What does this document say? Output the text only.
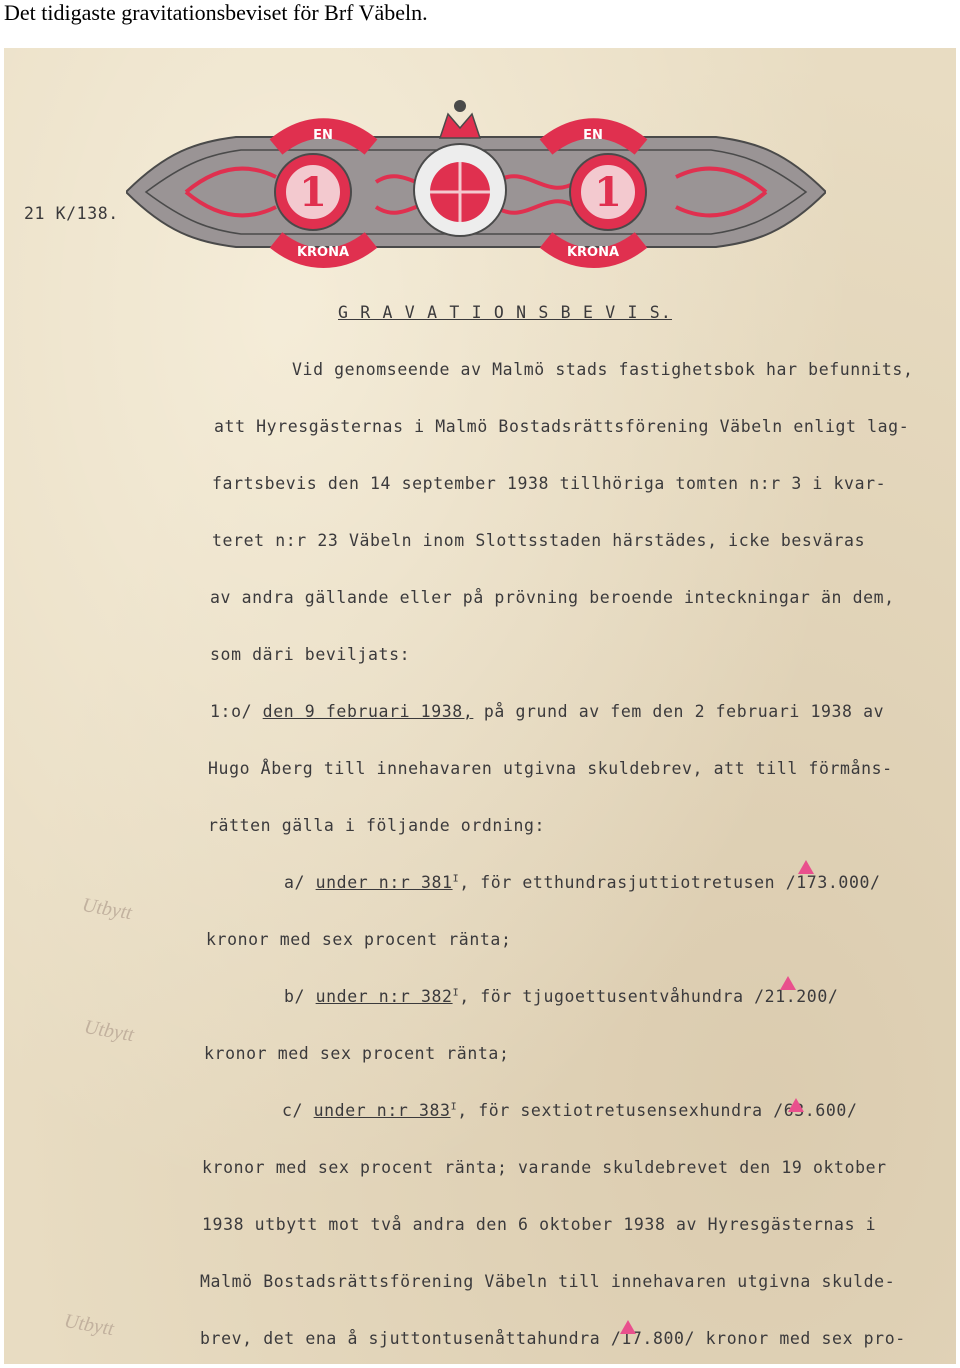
Det tidigaste gravitationsbeviset för Brf Väbeln.
EN
1
KRONA
EN
1
KRONA
21 K/138.
G R A V A T I O N S B E V I S.
Vid genomseende av Malmö stads fastighetsbok har befunnits,
att Hyresgästernas i Malmö Bostadsrättsförening Väbeln enligt lag-
fartsbevis den 14 september 1938 tillhöriga tomten n:r 3 i kvar-
teret n:r 23 Väbeln inom Slottsstaden härstädes, icke besväras
av andra gällande eller på prövning beroende inteckningar än dem,
som däri beviljats:
1:o/ den 9 februari 1938, på grund av fem den 2 februari 1938 av
Hugo Åberg till innehavaren utgivna skuldebrev, att till förmåns-
rätten gälla i följande ordning:
a/ under n:r $381^I$, för etthundrasjuttiotretusen /173.000/
kronor med sex procent ränta;
b/ under n:r $382^I$, för tjugoettusentvåhundra /21.200/
kronor med sex procent ränta;
c/ under n:r $383^I$, för sextiotretusensexhundra /63.600/
kronor med sex procent ränta; varande skuldebrevet den 19 oktober
1938 utbytt mot två andra den 6 oktober 1938 av Hyresgästernas i
Malmö Bostadsrättsförening Väbeln till innehavaren utgivna skulde-
brev, det ena å sjuttontusenåttahundra /17.800/ kronor med sex pro-
Utbytt
Utbytt
Utbytt
